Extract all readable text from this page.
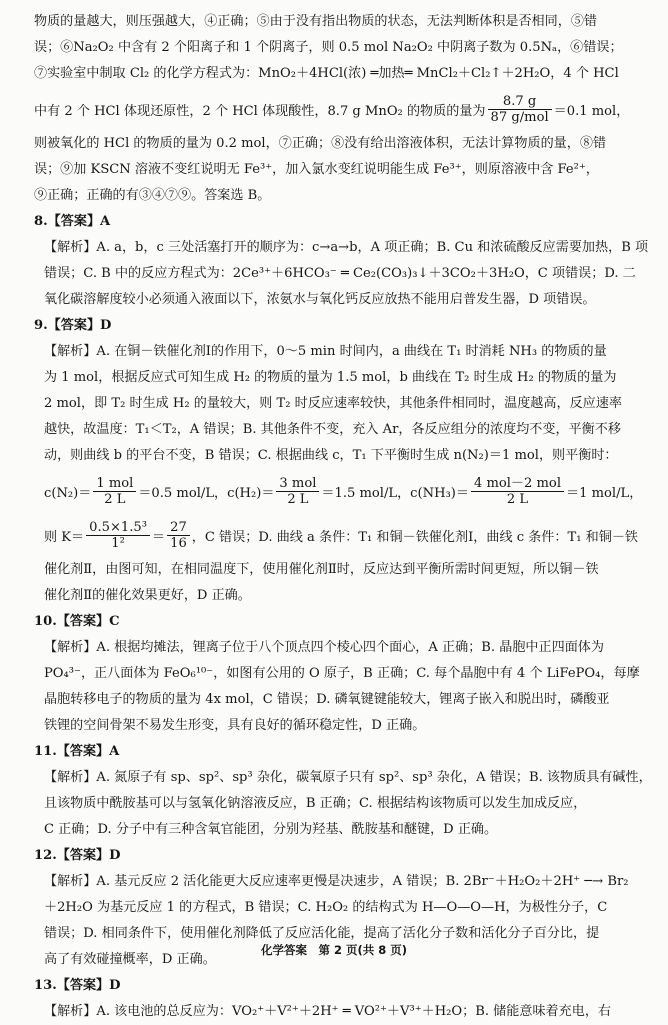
物质的量越大，则压强越大，④正确；⑤由于没有指出物质的状态，无法判断体积是否相同，⑤错
误；⑥Na₂O₂ 中含有 2 个阳离子和 1 个阴离子，则 0.5 mol Na₂O₂ 中阴离子数为 0.5Nₐ，⑥错误；
⑦实验室中制取 Cl₂ 的化学方程式为：MnO₂＋4HCl(浓) ═加热═ MnCl₂＋Cl₂↑＋2H₂O，4 个 HCl
中有 2 个 HCl 体现还原性，2 个 HCl 体现酸性，8.7 g MnO₂ 的物质的量为 $\frac{8.7 g}{\text{87 g/mol}} =0.1$ mol，
则被氧化的 HCl 的物质的量为 0.2 mol，⑦正确；⑧没有给出溶液体积，无法计算物质的量，⑧错
误；⑨加 KSCN 溶液不变红说明无 Fe³⁺，加入氯水变红说明能生成 Fe³⁺，则原溶液中含 Fe²⁺，
⑨正确；正确的有③④⑦⑨。答案选 B。
8.【答案】A
【解析】A. a，b，c 三处活塞打开的顺序为：c→a→b，A 项正确；B. Cu 和浓硫酸反应需要加热，B 项
错误；C. B 中的反应方程式为：2Ce³⁺＋6HCO₃⁻ ═ Ce₂(CO₃)₃↓＋3CO₂＋3H₂O，C 项错误；D. 二
氧化碳溶解度较小必须通入液面以下，浓氨水与氧化钙反应放热不能用启普发生器，D 项错误。
9.【答案】D
【解析】A. 在铜－铁催化剂Ⅰ的作用下，0～5 min 时间内，a 曲线在 T₁ 时消耗 NH₃ 的物质的量
为 1 mol，根据反应式可知生成 H₂ 的物质的量为 1.5 mol，b 曲线在 T₂ 时生成 H₂ 的物质的量为
2 mol，即 T₂ 时生成 H₂ 的量较大，则 T₂ 时反应速率较快，其他条件相同时，温度越高，反应速率
越快，故温度：T₁＜T₂，A 错误；B. 其他条件不变，充入 Ar，各反应组分的浓度均不变，平衡不移
动，则曲线 b 的平台不变，B 错误；C. 根据曲线 c，T₁ 下平衡时生成 n(N₂)＝1 mol，则平衡时：
$c(N_2)= \frac{\text{1 mol}}{2 L} =0.5$ mol/L，$c(H_2)= \frac{\text{3 mol}}{2 L} =1.5$ mol/L，$c(NH_3)= \frac{\text{4 mol－2 mol}}{2 L} =1$ mol/L，
则 $K= \frac{\text{0.5×1.5³}}{\text{1²}} = \frac{27}{16}$ ，C 错误；D. 曲线 a 条件：T₁ 和铜－铁催化剂Ⅰ，曲线 c 条件：T₁ 和铜－铁
催化剂Ⅱ，由图可知，在相同温度下，使用催化剂Ⅱ时，反应达到平衡所需时间更短，所以铜－铁
催化剂Ⅱ的催化效果更好，D 正确。
10.【答案】C
【解析】A. 根据均摊法，锂离子位于八个顶点四个棱心四个面心，A 正确；B. 晶胞中正四面体为
PO₄³⁻，正八面体为 FeO₆¹⁰⁻，如图有公用的 O 原子，B 正确；C. 每个晶胞中有 4 个 LiFePO₄，每摩
晶胞转移电子的物质的量为 4x mol，C 错误；D. 磷氧键键能较大，锂离子嵌入和脱出时，磷酸亚
铁锂的空间骨架不易发生形变，具有良好的循环稳定性，D 正确。
11.【答案】A
【解析】A. 氮原子有 sp、sp²、sp³ 杂化，碳氧原子只有 sp²、sp³ 杂化，A 错误；B. 该物质具有碱性，
且该物质中酰胺基可以与氢氧化钠溶液反应，B 正确；C. 根据结构该物质可以发生加成反应，
C 正确；D. 分子中有三种含氧官能团，分别为羟基、酰胺基和醚键，D 正确。
12.【答案】D
【解析】A. 基元反应 2 活化能更大反应速率更慢是决速步，A 错误；B. 2Br⁻＋H₂O₂＋2H⁺ ─→ Br₂
＋2H₂O 为基元反应 1 的方程式，B 错误；C. H₂O₂ 的结构式为 H—O—O—H，为极性分子，C
错误；D. 相同条件下，使用催化剂降低了反应活化能，提高了活化分子数和活化分子百分比，提
高了有效碰撞概率，D 正确。
13.【答案】D
【解析】A. 该电池的总反应为：VO₂⁺＋V²⁺＋2H⁺ ═ VO²⁺＋V³⁺＋H₂O；B. 储能意味着充电，右
化学答案　第 2 页(共 8 页)
